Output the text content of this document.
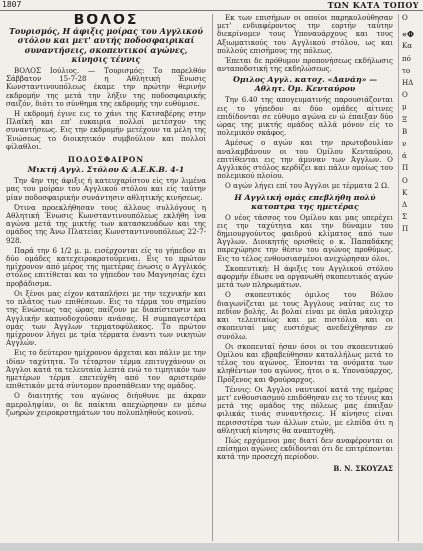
1807	ΤΩΝ ΚΑΤΑ ΤΟΠΟΥ
ΒΟΛΟΣ
Τουρισμός, Η άφιξις μοίρας του Αγγλικού στόλου και μετ' αυτής ποδοσφαιρικαί συναντήσεις, σκοπευτικοί αγώνες, κίνησις τέννις

ΒΟΛΟΣ Ιούλιος. — Τουρισμός: Το παρελθόν Σάββατον 15-7-28 η Αθλητική Ένωσις Κωνσταντινουπόλεως έκαμε την πρώτην θερινήν εκδρομήν της μετά την λήξιν της ποδοσφαιρικής σαιζόν, διότι το σύνθημα της εκδρομής την ευθύμισε.

Η εκδρομή έγινε εις το χάνι της Κατσαβέρης στην Πλαϊκή και επ' ευκαιρία πολλοί μετέσχον της συναντήσεως. Εις την εκδρομήν μετέχουν τα μέλη της Ένώσεως το διοικητικόν συμβούλιον και πολλοί φίλαθλοι.

ΠΟΔΟΣΦΑΙΡΟΝ
Μικτή Αγγλ. Στόλου & Α.Ε.Κ.Β. 4-1

Την 4ην της άφιξις ή κατευχαρίστου είς την λιμένα μας του μοίραν του Αγγλικού στόλου και είς ταύτην μίαν ποδοσφαιρικήν συνάντησιν αθλητικής κινήσεως.

Ότινα προεκλήθησαν τους άλλους συλλόγους η Αθλητική Ένωσις Κωνσταντινουπόλεως εκλήθη ίνα αγώνα μετά της μικτής των κατασκευάδων και της ομάδος της Άνω Πλατείας Κωνσταντινουπόλεως 22-7-928.

Παρά την 6 1/2 μ. μ. εισέρχονται είς το γήπεδον αι δύο ομάδες κατεχειροκροτούμεναι. Εις το πρώτον ημίχρονον από μέρος της ημετέρας ένωσις ο Αγγλικός στόλος επιτίθεται και το γήπεδον του Μαγνησίας έχει προβάδισμα.

Οι ξένοι μας είχον καταπλήσει με την τεχνικήν και το πλάτος των επιθέσεων. Εις το τέρμα του σημείου της Ενώσεως τας ώρας παίζουν με διαπίστευσιν και Αγγλικήν καπνοδοχούσαν ανάσας. Η συμπαγεστέρα ομάς των Άγγλων τερματοφύλακος. Το πρώτον ημίχρονον λήγει με τρία τέρματα έναντι των νικητών Αγγλών.

Εις το δεύτερον ημίχρονον άρχεται και πάλιν με την ιδίαν ταχύτητα. Το τέταρτον τέρμα επιτυγχάνουν οι Άγγλοι κατά τα τελευταία λεπτά ενώ το τιμητικόν των ημετέρων τέρμα επετεύχθη από τον αριστερόν επιθετικόν μετά σύντομον προσπάθειαν της ομάδος.

Ο διαιτητής του αγώνος διήυθυνε με άκραν αμεροληψίαν, οι δε παίκται απεχώρησαν εν μέσω ζωηρών χειροκροτημάτων του πολυπληθούς κοινού.

Εκ των επισήμων οι οποίοι παρηκολούθησαν μετ' ενδιαφέροντος την εορτήν ταύτην διεκρίνομεν τους Υποναυάρχους και τους Αξιωματικούς του Αγγλικού στόλου, ως και πολλούς επισήμους της πόλεως.

Έπεται δε πρόθυμον προπονήσεως εκδήλωσις ανταποδοτική της εκδηλώσεως.

Όμιλος Αγγλ. κατοχ. «Δανάη» — Αθλητ. Όμ. Κενταύρου

Την 6.40 της απογευματινής παρουσιάζονται εις το γήπεδον αι δύο ομάδες αίτινες επιδίδονται σε εύθυμο αγώνα εν ώ έπαιξαν δύο ώρας της μικτής ομάδος αλλά μόνον είς το πολεμικόν σκάφος.

Αμέσως ο αγών και την πρωτοβουλίαν αναλαμβάνουν οι του Ομίλου Κενταύρου, επιτίθενται εις την άμυναν των Άγγλων. Ο Αγγλικός στόλος κερδίζει και πάλιν ομοίως του πολεμικού πλοίου.

Ο αγών λήγει επί του Άγγλοι με τέρματα 2 Ω.

Η Αγγλική ομάς επεβλήθη πολύ κατοπτρα της ημετέρας

Ο νέος τάσσος του Ομίλου και μας υπερέχει εις την ταχύτητα και την δύναμιν του δημιουργούντος φαιδρού κλίματος από των Άγγλων. Διοικητής ορισθείς ο κ. Παπαδάκης παρεχώρησε την θέσιν του αγώνος προθύμως. Εις το τέλος ενθουσιασμένοι ανεχώρησαν όλοι.

Σκοπευτική: Η άφιξις του Αγγλικού στόλου αφορμήν έδωσε να οργανωθή σκοπευτικός αγών μετά των πληρωμάτων.

Ο σκοπευτικός όμιλος του Βόλου διαγωνίζεται με τους Άγγλους ναύτας εις το πεδίον βολής. Αι βολαί είναι με όπλα μάνλιχερ και τελευταίως και με πιστόλια και οι σκοπευταί μας ευστόχως ανεδείχθησαν εν συνόλω.

Οι σκοπευταί ήσαν όσοι οι του σκοπευτικού Ομίλου και εβραβεύθησαν καταλλήλως μετά το τέλος του αγώνος. Έπονται τα ονόματα των κληθέντων του αγώνος, ήτοι ο κ. Υποναύαρχος, Πρόξενος και Φρούραρχος.

Τέννις: Οι Άγγλοι ναυτικοί κατά της ημέρας μετ' ενθουσιασμού επιδόθησαν εις το τέννις και μετά της ομάδος της πόλεως μας έπαιξαν φιλικάς τινάς συναντήσεις. Η κίνησις είναι περισσοτέρα των άλλων ετών, με ελπίδα ότι η αθλητική κίνησις θα αναπτυχθή.

Πώς ερχόμενοι μας διατί δεν αναφέρονται οι επίσημοι αγώνες εκδίδονται ότι δε επιτρέπονται κατά την προσεχή περίοδον.

Β. Ν. ΣΚΟΥΖΑΣ
Ο
«Φ
Κα
πό
το
ΗΔ
Ο
μ
Ξ
Β
ν
ά
Π
Ο
Κ
Δ
Σ
Π
